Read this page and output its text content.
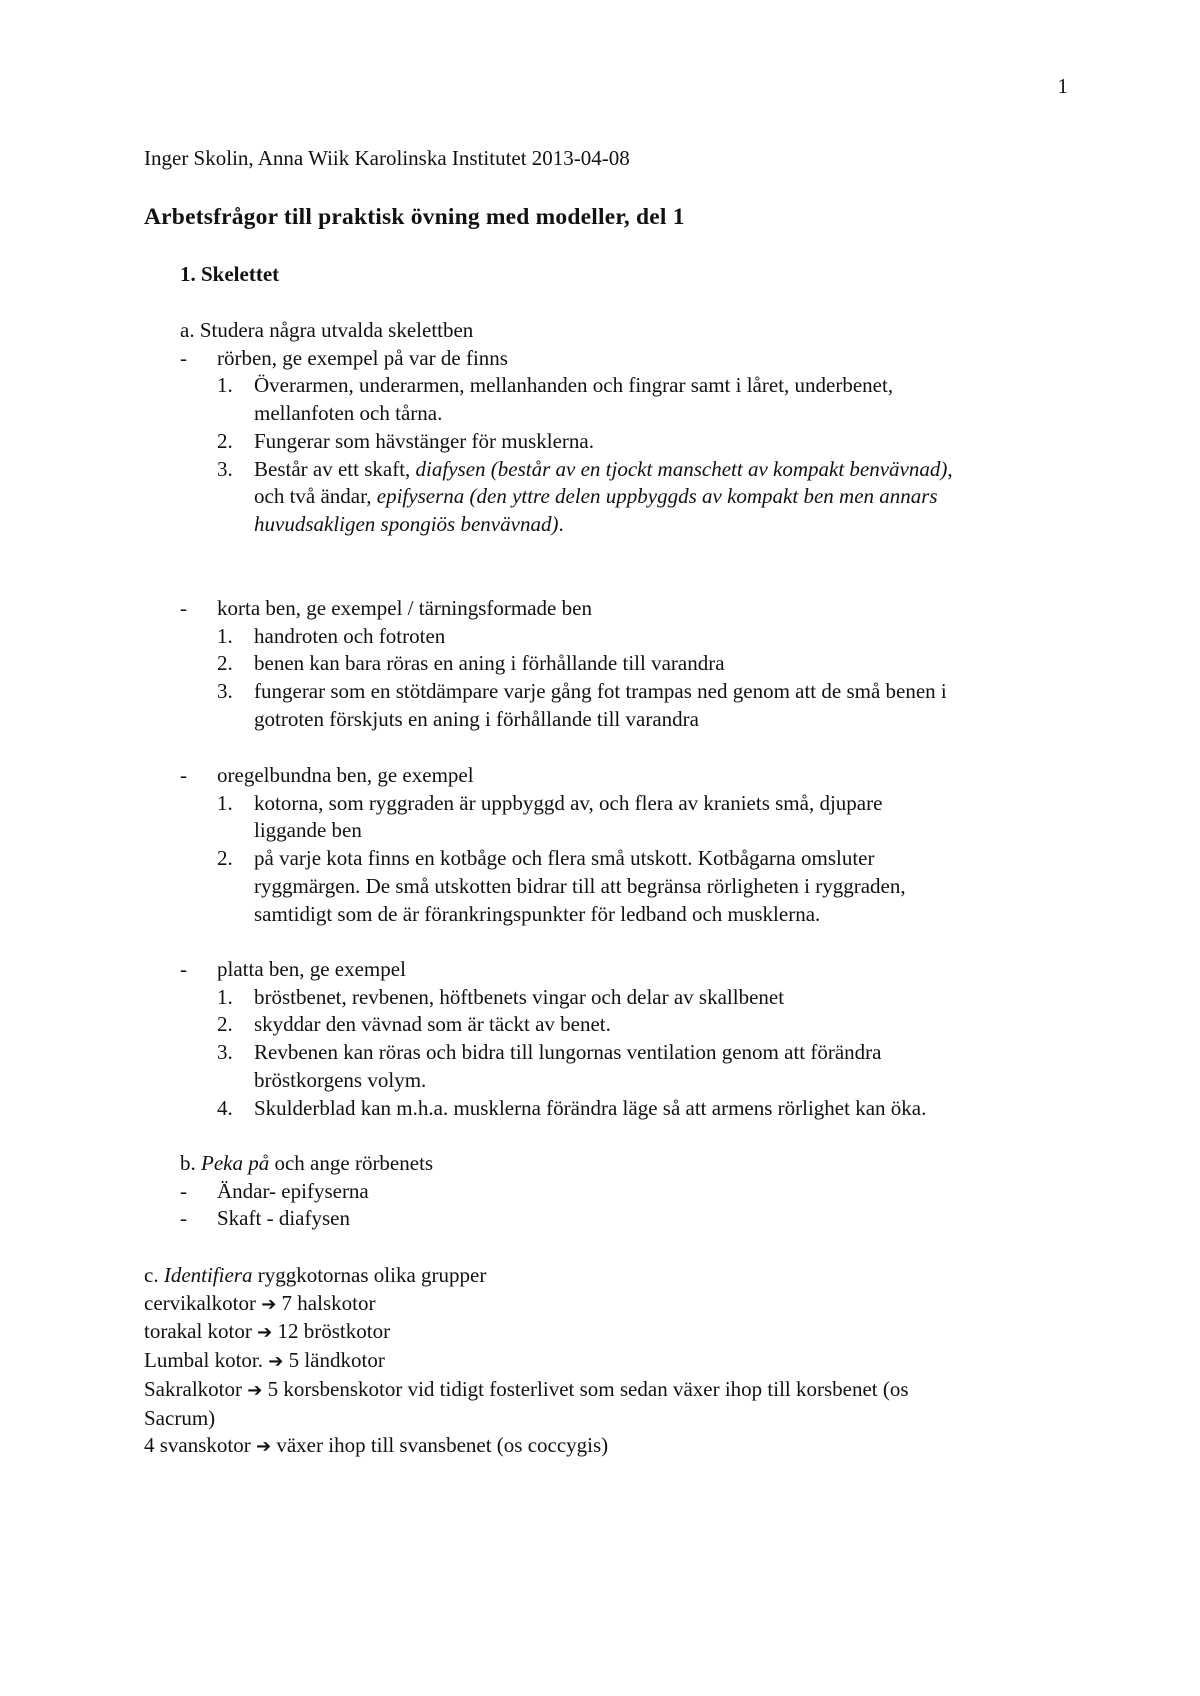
1
Inger Skolin, Anna Wiik Karolinska Institutet 2013-04-08
Arbetsfrågor till praktisk övning med modeller, del 1
1. Skelettet
a. Studera några utvalda skelettben
- rörben, ge exempel på var de finns
1. Överarmen, underarmen, mellanhanden och fingrar samt i låret, underbenet,
mellanfoten och tårna.
2. Fungerar som hävstänger för musklerna.
3. Består av ett skaft, diafysen (består av en tjockt manschett av kompakt benvävnad),
och två ändar, epifyserna (den yttre delen uppbyggds av kompakt ben men annars
huvudsakligen spongiös benvävnad).
- korta ben, ge exempel / tärningsformade ben
1. handroten och fotroten
2. benen kan bara röras en aning i förhållande till varandra
3. fungerar som en stötdämpare varje gång fot trampas ned genom att de små benen i
gotroten förskjuts en aning i förhållande till varandra
- oregelbundna ben, ge exempel
1. kotorna, som ryggraden är uppbyggd av, och flera av kraniets små, djupare
liggande ben
2. på varje kota finns en kotbåge och flera små utskott. Kotbågarna omsluter
ryggmärgen. De små utskotten bidrar till att begränsa rörligheten i ryggraden,
samtidigt som de är förankringspunkter för ledband och musklerna.
- platta ben, ge exempel
1. bröstbenet, revbenen, höftbenets vingar och delar av skallbenet
2. skyddar den vävnad som är täckt av benet.
3. Revbenen kan röras och bidra till lungornas ventilation genom att förändra
bröstkorgens volym.
4. Skulderblad kan m.h.a. musklerna förändra läge så att armens rörlighet kan öka.
b. Peka på och ange rörbenets
- Ändar- epifyserna
- Skaft - diafysen
c. Identifiera ryggkotornas olika grupper
cervikalkotor ➔ 7 halskotor
torakal kotor ➔ 12 bröstkotor
Lumbal kotor. ➔ 5 ländkotor
Sakralkotor ➔ 5 korsbenskotor vid tidigt fosterlivet som sedan växer ihop till korsbenet (os
Sacrum)
4 svanskotor ➔ växer ihop till svansbenet (os coccygis)
